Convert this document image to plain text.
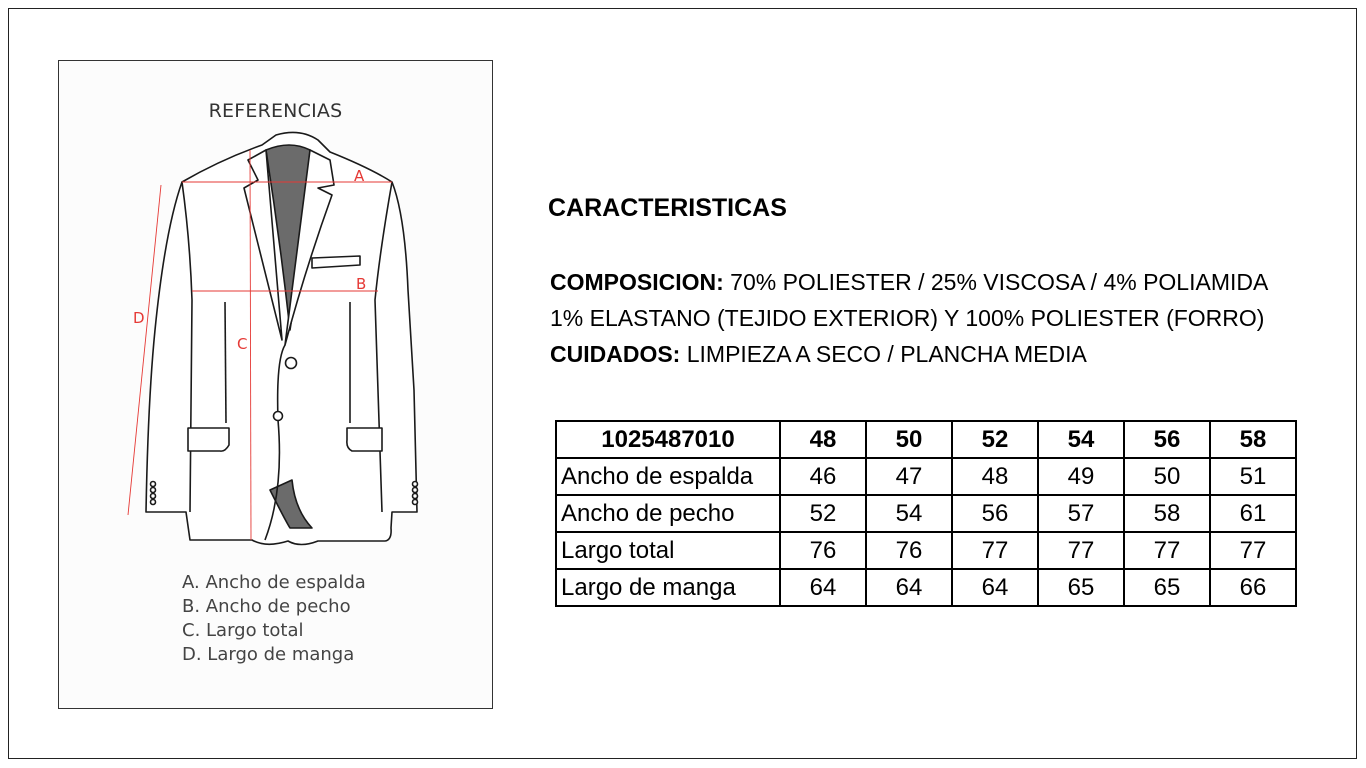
REFERENCIAS
A
B
C
D
A. Ancho de espalda
B. Ancho de pecho
C. Largo total
D. Largo de manga
CARACTERISTICAS
COMPOSICION: 70% POLIESTER / 25% VISCOSA / 4% POLIAMIDA
1% ELASTANO (TEJIDO EXTERIOR) Y 100% POLIESTER (FORRO)
CUIDADOS: LIMPIEZA A SECO / PLANCHA MEDIA
1025487010	48	50	52	54	56	58
Ancho de espalda	46	47	48	49	50	51
Ancho de pecho	52	54	56	57	58	61
Largo total	76	76	77	77	77	77
Largo de manga	64	64	64	65	65	66
